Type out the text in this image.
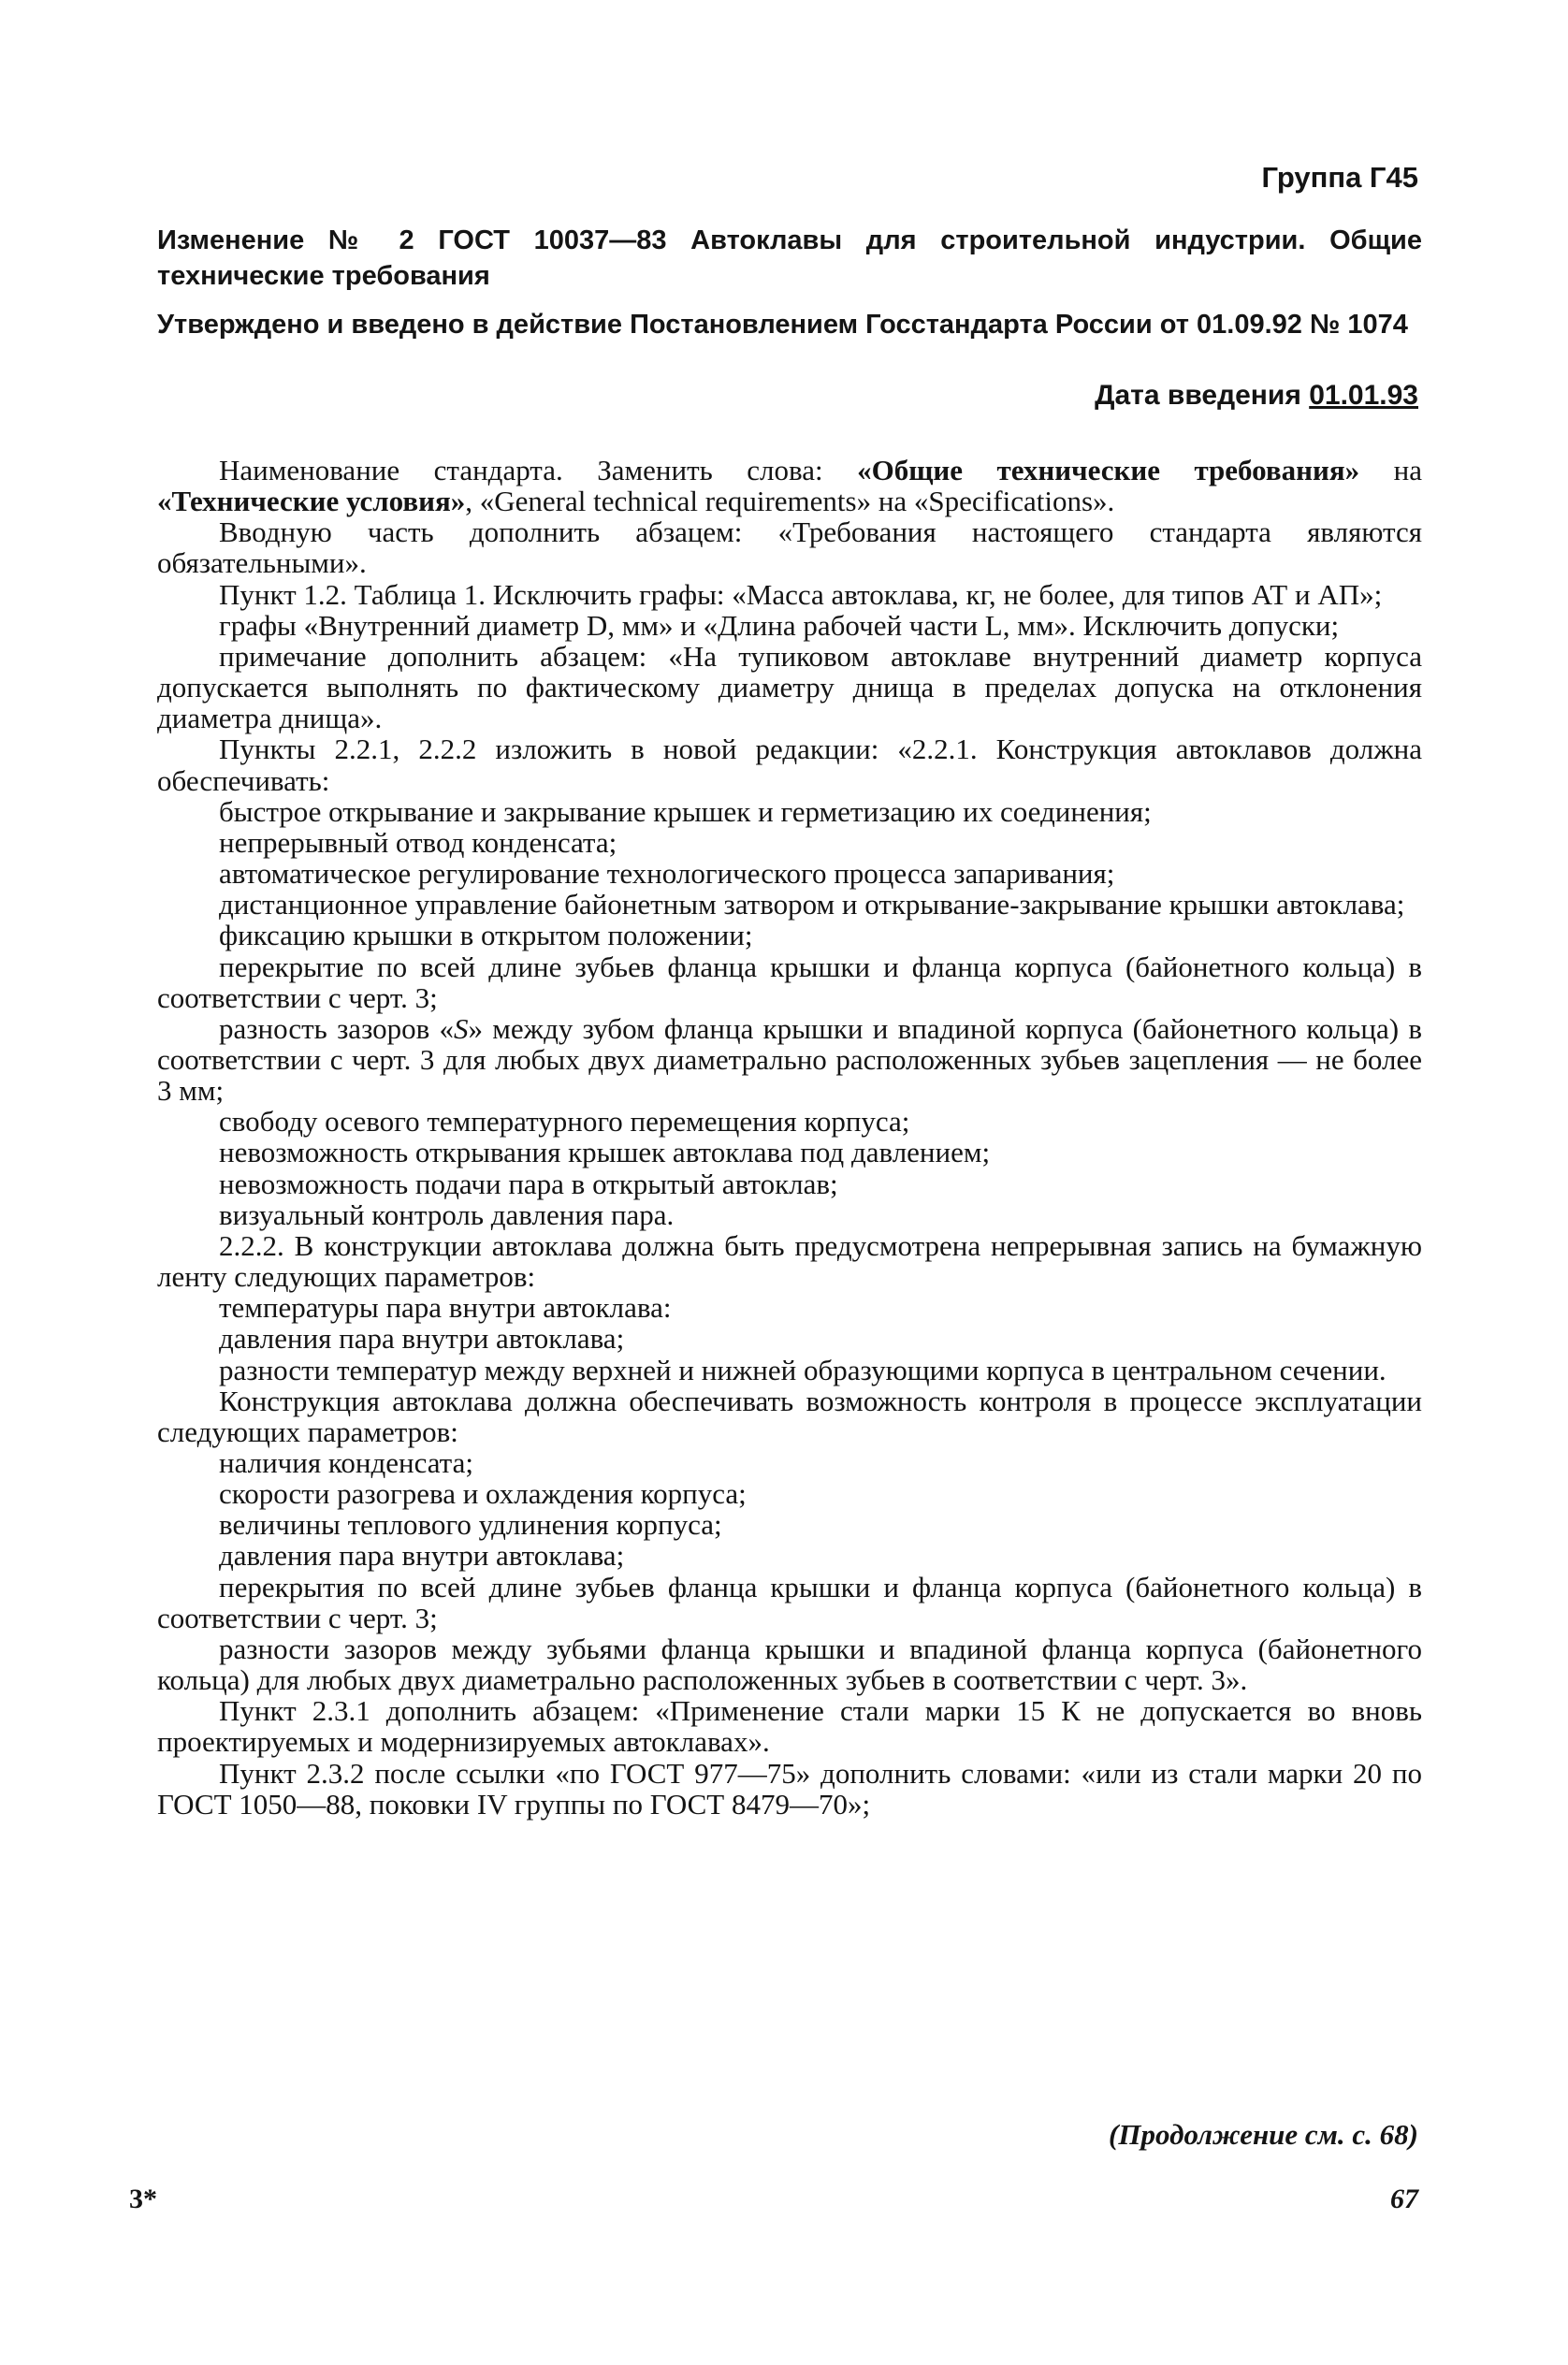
Группа Г45
Изменение № 2 ГОСТ 10037—83 Автоклавы для строительной индустрии. Общие технические требования
Утверждено и введено в действие Постановлением Госстандарта России от 01.09.92 № 1074
Дата введения 01.01.93

Наименование стандарта. Заменить слова: «Общие технические требования» на «Технические условия», «General technical requirements» на «Specifications».

Вводную часть дополнить абзацем: «Требования настоящего стандарта являются обязательными».

Пункт 1.2. Таблица 1. Исключить графы: «Масса автоклава, кг, не более, для типов АТ и АП»;

графы «Внутренний диаметр D, мм» и «Длина рабочей части L, мм». Исключить допуски;

примечание дополнить абзацем: «На тупиковом автоклаве внутренний диаметр корпуса допускается выполнять по фактическому диаметру днища в пределах допуска на отклонения диаметра днища».

Пункты 2.2.1, 2.2.2 изложить в новой редакции: «2.2.1. Конструкция автоклавов должна обеспечивать:

быстрое открывание и закрывание крышек и герметизацию их соединения;

непрерывный отвод конденсата;

автоматическое регулирование технологического процесса запаривания;

дистанционное управление байонетным затвором и открывание-закрывание крышки автоклава;

фиксацию крышки в открытом положении;

перекрытие по всей длине зубьев фланца крышки и фланца корпуса (байонетного кольца) в соответствии с черт. 3;

разность зазоров «S» между зубом фланца крышки и впадиной корпуса (байонетного кольца) в соответствии с черт. 3 для любых двух диаметрально расположенных зубьев зацепления — не более 3 мм;

свободу осевого температурного перемещения корпуса;

невозможность открывания крышек автоклава под давлением;

невозможность подачи пара в открытый автоклав;

визуальный контроль давления пара.

2.2.2. В конструкции автоклава должна быть предусмотрена непрерывная запись на бумажную ленту следующих параметров:

температуры пара внутри автоклава:

давления пара внутри автоклава;

разности температур между верхней и нижней образующими корпуса в центральном сечении.

Конструкция автоклава должна обеспечивать возможность контроля в процессе эксплуатации следующих параметров:

наличия конденсата;

скорости разогрева и охлаждения корпуса;

величины теплового удлинения корпуса;

давления пара внутри автоклава;

перекрытия по всей длине зубьев фланца крышки и фланца корпуса (байонетного кольца) в соответствии с черт. 3;

разности зазоров между зубьями фланца крышки и впадиной фланца корпуса (байонетного кольца) для любых двух диаметрально расположенных зубьев в соответствии с черт. 3».

Пункт 2.3.1 дополнить абзацем: «Применение стали марки 15 К не допускается во вновь проектируемых и модернизируемых автоклавах».

Пункт 2.3.2 после ссылки «по ГОСТ 977—75» дополнить словами: «или из стали марки 20 по ГОСТ 1050—88, поковки IV группы по ГОСТ 8479—70»;

(Продолжение см. с. 68)
3*	67
